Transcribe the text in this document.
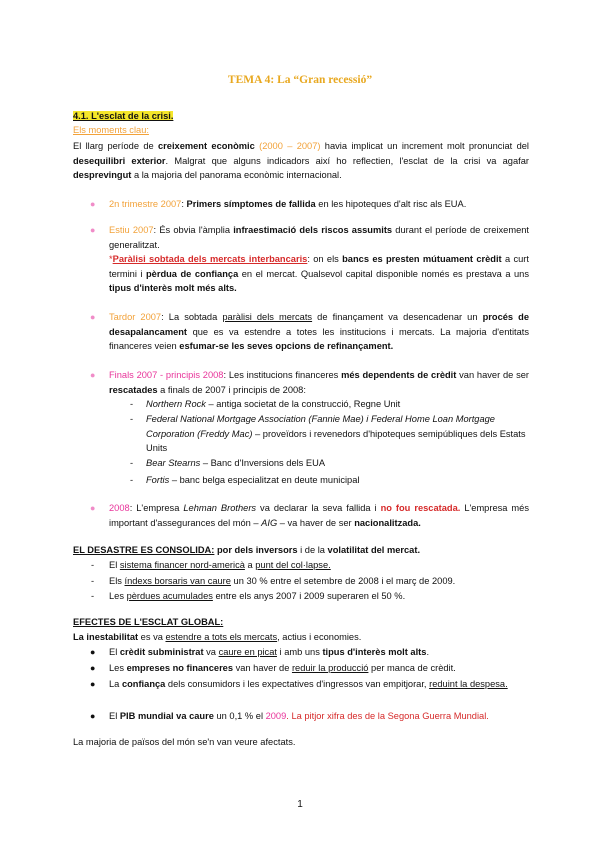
TEMA 4: La “Gran recessió”
4.1. L'esclat de la crisi.
Els moments clau:
El llarg període de creixement econòmic (2000 – 2007) havia implicat un increment molt pronunciat del desequilibri exterior. Malgrat que alguns indicadors així ho reflectien, l'esclat de la crisi va agafar desprevingut a la majoria del panorama econòmic internacional.
●	2n trimestre 2007: Primers símptomes de fallida en les hipoteques d'alt risc als EUA.
●	Estiu 2007: És obvia l'àmplia infraestimació dels riscos assumits durant el període de creixement generalitzat.
*Paràlisi sobtada dels mercats interbancaris: on els bancs es presten mútuament crèdit a curt termini i pèrdua de confiança en el mercat. Qualsevol capital disponible només es prestava a uns tipus d'interès molt més alts.
●	Tardor 2007: La sobtada paràlisi dels mercats de finançament va desencadenar un procés de desapalancament que es va estendre a totes les institucions i mercats. La majoria d'entitats financeres veien esfumar-se les seves opcions de refinançament.
●	Finals 2007 - principis 2008: Les institucions financeres més dependents de crèdit van haver de ser rescatades a finals de 2007 i principis de 2008:
- Northern Rock – antiga societat de la construcció, Regne Unit
- Federal National Mortgage Association (Fannie Mae) i Federal Home Loan Mortgage Corporation (Freddy Mac) – proveïdors i revenedors d'hipoteques semipúbliques dels Estats Units
- Bear Stearns – Banc d'Inversions dels EUA
- Fortis – banc belga especialitzat en deute municipal
●	2008: L'empresa Lehman Brothers va declarar la seva fallida i no fou rescatada. L'empresa més important d'assegurances del món – AIG – va haver de ser nacionalitzada.
EL DESASTRE ES CONSOLIDA: por dels inversors i de la volatilitat del mercat.
- El sistema financer nord-americà a punt del col·lapse.
- Els índexs borsaris van caure un 30 % entre el setembre de 2008 i el març de 2009.
- Les pèrdues acumulades entre els anys 2007 i 2009 superaren el 50 %.
EFECTES DE L'ESCLAT GLOBAL:
La inestabilitat es va estendre a tots els mercats, actius i economies.
●	El crèdit subministrat va caure en picat i amb uns tipus d'interès molt alts.
●	Les empreses no financeres van haver de reduir la producció per manca de crèdit.
●	La confiança dels consumidors i les expectatives d'ingressos van empitjorar, reduint la despesa.
●	El PIB mundial va caure un 0,1 % el 2009. La pitjor xifra des de la Segona Guerra Mundial.
La majoria de països del món se'n van veure afectats.
1
